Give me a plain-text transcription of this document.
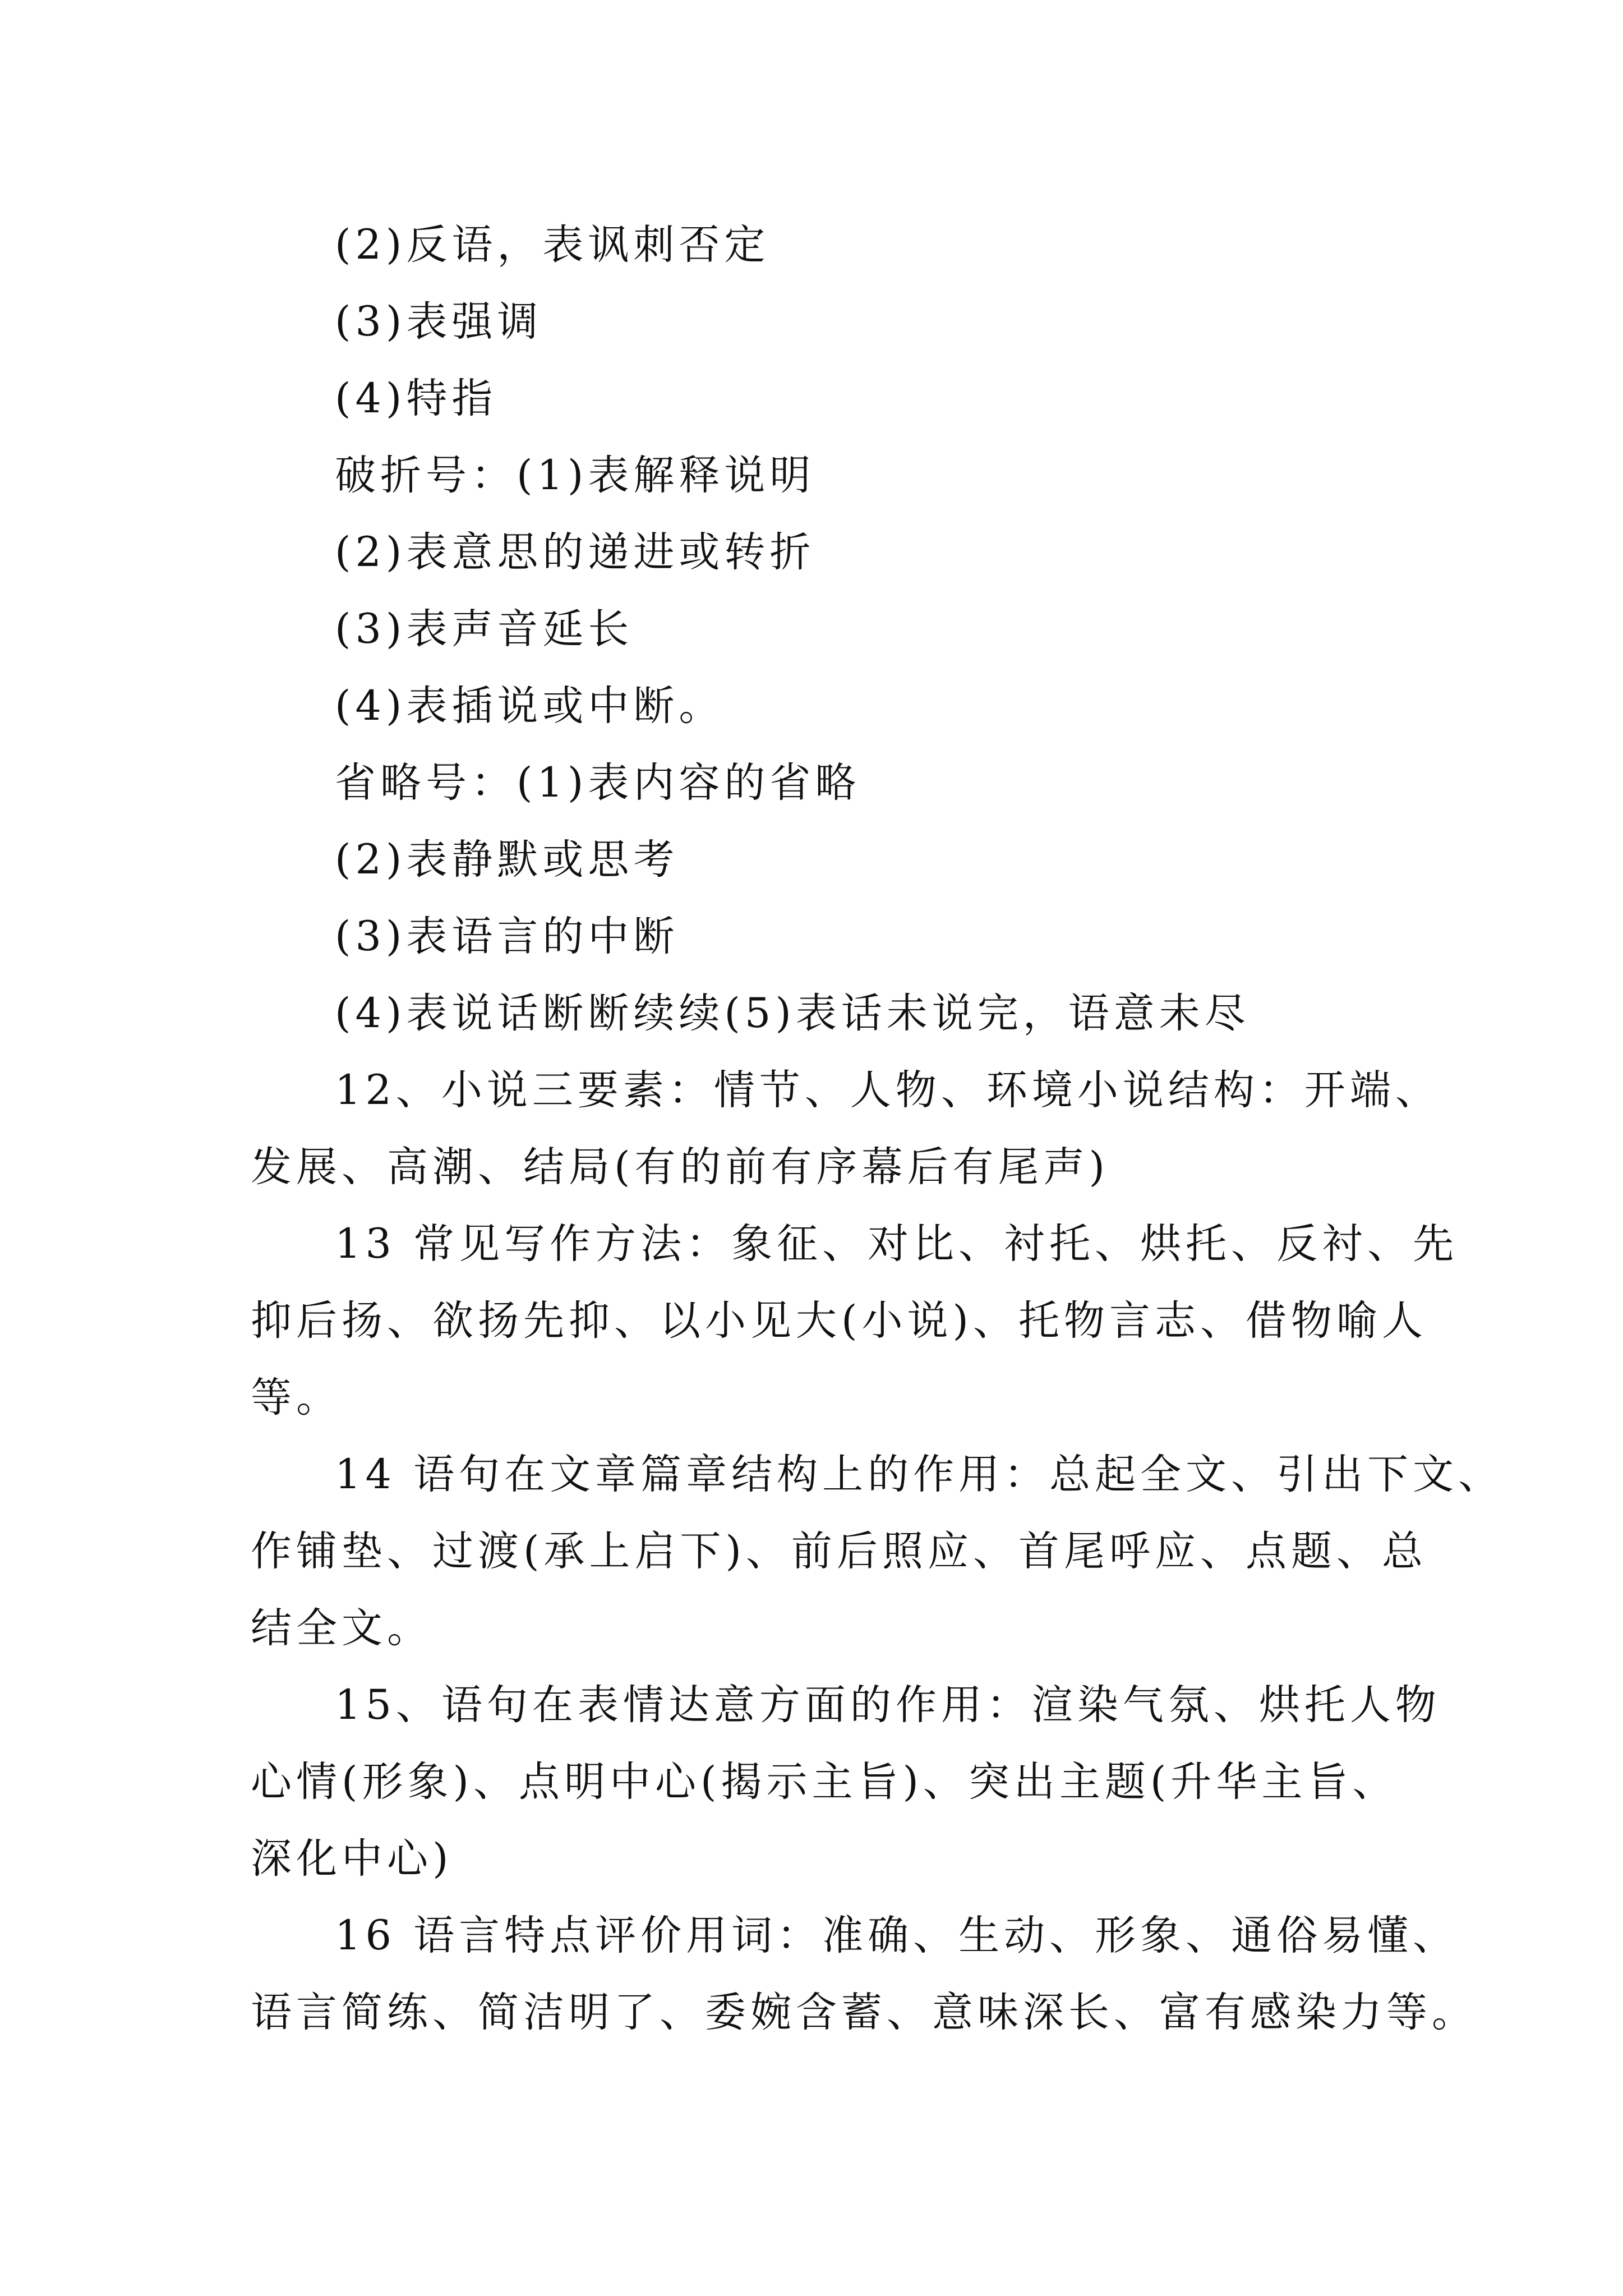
(2)反语，表讽刺否定
(3)表强调
(4)特指
破折号：(1)表解释说明
(2)表意思的递进或转折
(3)表声音延长
(4)表插说或中断。
省略号：(1)表内容的省略
(2)表静默或思考
(3)表语言的中断
(4)表说话断断续续(5)表话未说完，语意未尽
12、小说三要素：情节、人物、环境小说结构：开端、
发展、高潮、结局(有的前有序幕后有尾声)
13 常见写作方法：象征、对比、衬托、烘托、反衬、先
抑后扬、欲扬先抑、以小见大(小说)、托物言志、借物喻人
等。
14 语句在文章篇章结构上的作用：总起全文、引出下文、
作铺垫、过渡(承上启下)、前后照应、首尾呼应、点题、总
结全文。
15、语句在表情达意方面的作用：渲染气氛、烘托人物
心情(形象)、点明中心(揭示主旨)、突出主题(升华主旨、
深化中心)
16 语言特点评价用词：准确、生动、形象、通俗易懂、
语言简练、简洁明了、委婉含蓄、意味深长、富有感染力等。
